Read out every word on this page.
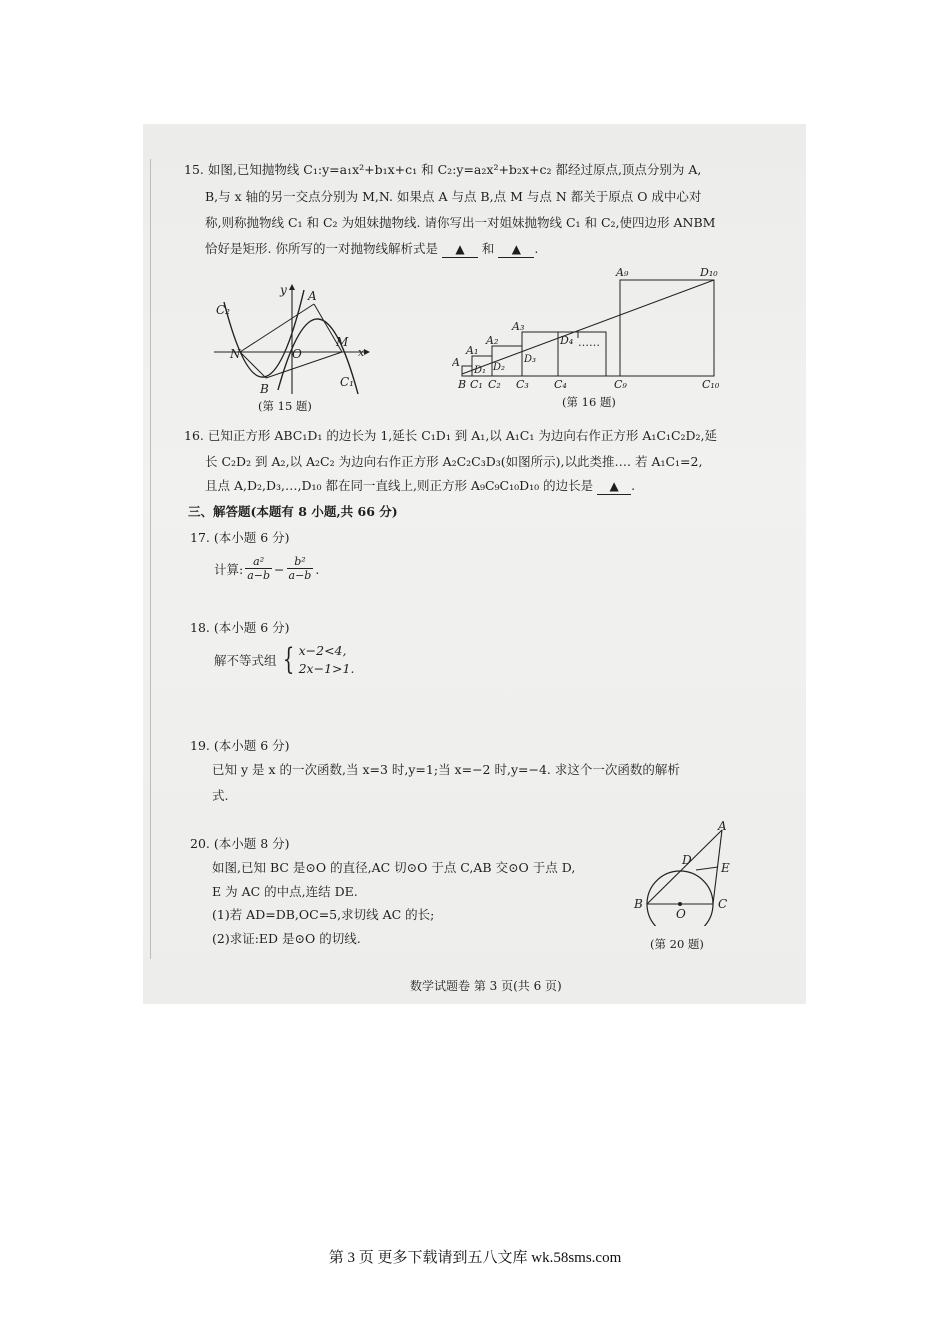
15. 如图,已知抛物线 C₁:y=a₁x²+b₁x+c₁ 和 C₂:y=a₂x²+b₂x+c₂ 都经过原点,顶点分别为 A,
B,与 x 轴的另一交点分别为 M,N. 如果点 A 与点 B,点 M 与点 N 都关于原点 O 成中心对
称,则称抛物线 C₁ 和 C₂ 为姐妹抛物线. 请你写出一对姐妹抛物线 C₁ 和 C₂,使四边形 ANBM
恰好是矩形. 你所写的一对抛物线解析式是 ▲ 和 ▲ .
C₂
y A
N	O
M
x
B	C₁
(第 15 题)
A₉	D₁₀
A₃
A₂
A₁
A
D₄ ……
D₁ D₂
D₃
B C₁ C₂ C₃ C₄	C₉	C₁₀
(第 16 题)
16. 已知正方形 ABC₁D₁ 的边长为 1,延长 C₁D₁ 到 A₁,以 A₁C₁ 为边向右作正方形 A₁C₁C₂D₂,延
长 C₂D₂ 到 A₂,以 A₂C₂ 为边向右作正方形 A₂C₂C₃D₃(如图所示),以此类推…. 若 A₁C₁=2,
且点 A,D₂,D₃,…,D₁₀ 都在同一直线上,则正方形 A₉C₉C₁₀D₁₀ 的边长是 ▲ .
三、解答题(本题有 8 小题,共 66 分)
17. (本小题 6 分)
计算: $\frac{\text{a²}}{a-b} - \frac{\text{b²}}{a-b}$ .
18. (本小题 6 分)
解不等式组 { x−2<4,
2x−1>1.
19. (本小题 6 分)
已知 y 是 x 的一次函数,当 x=3 时,y=1;当 x=−2 时,y=−4. 求这个一次函数的解析
式.
20. (本小题 8 分)
如图,已知 BC 是⊙O 的直径,AC 切⊙O 于点 C,AB 交⊙O 于点 D,
E 为 AC 的中点,连结 DE.
(1)若 AD=DB,OC=5,求切线 AC 的长;
(2)求证:ED 是⊙O 的切线.
A
D
E
B
O
C
(第 20 题)
数学试题卷 第 3 页(共 6 页)
第 3 页 更多下载请到五八文库 wk.58sms.com
